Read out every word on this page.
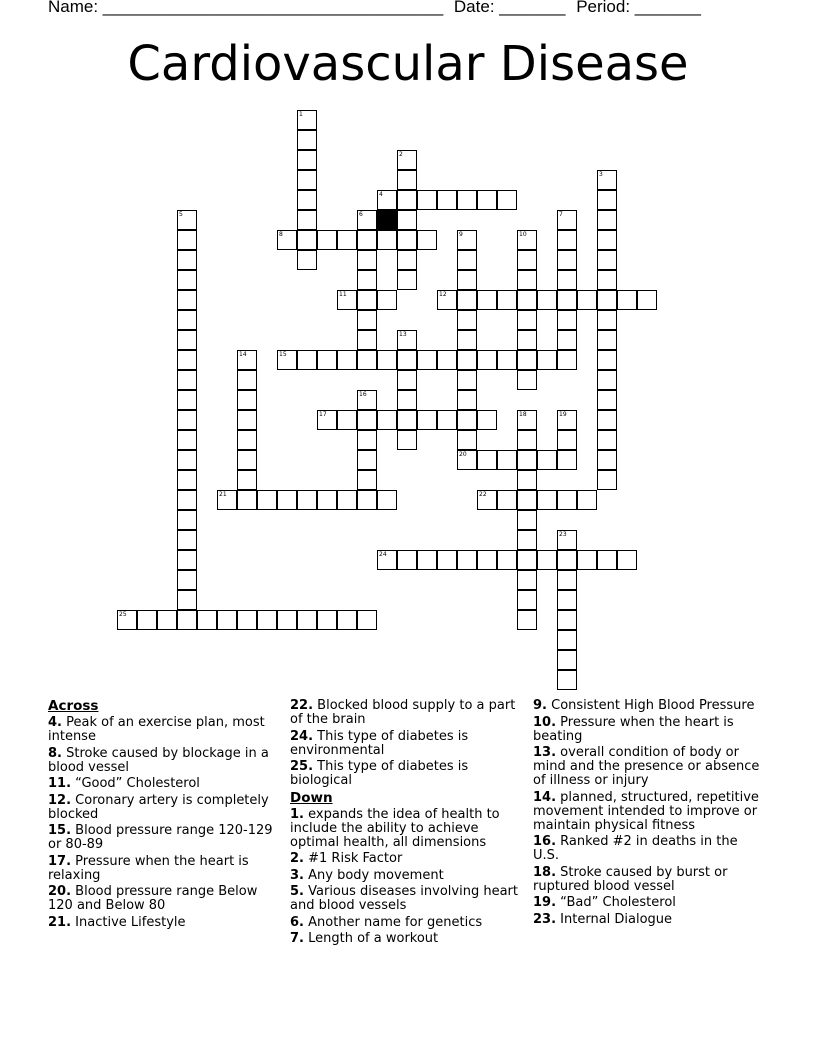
Name: ____________________________________ Date: _______ Period: _______
Cardiovascular Disease
1
2
3
4
5	6	7
8	9
20
10
11	12
13
14	15
16
17	18	19
21	22
23
24
25
Across
4. Peak of an exercise plan, most intense
8. Stroke caused by blockage in a blood vessel
11. “Good” Cholesterol
12. Coronary artery is completely blocked
15. Blood pressure range 120-129 or 80-89
17. Pressure when the heart is relaxing
20. Blood pressure range Below 120 and Below 80
21. Inactive Lifestyle
22. Blocked blood supply to a part of the brain
24. This type of diabetes is environmental
25. This type of diabetes is biological
Down
1. expands the idea of health to include the ability to achieve optimal health, all dimensions
2. #1 Risk Factor
3. Any body movement
5. Various diseases involving heart and blood vessels
6. Another name for genetics
7. Length of a workout
9. Consistent High Blood Pressure
10. Pressure when the heart is beating
13. overall condition of body or mind and the presence or absence of illness or injury
14. planned, structured, repetitive movement intended to improve or maintain physical fitness
16. Ranked #2 in deaths in the U.S.
18. Stroke caused by burst or ruptured blood vessel
19. “Bad” Cholesterol
23. Internal Dialogue
